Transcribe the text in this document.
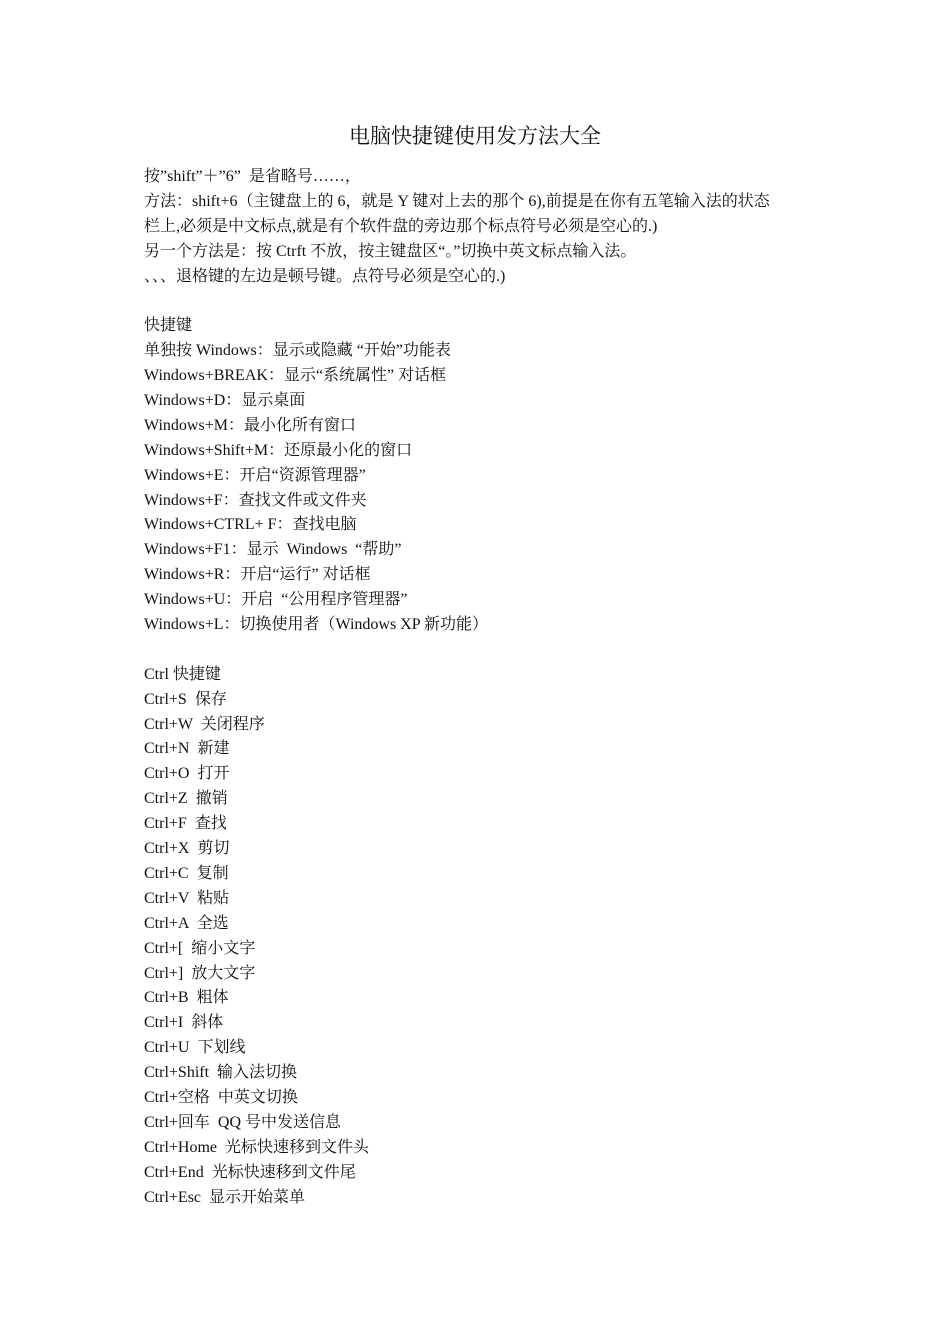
电脑快捷键使用发方法大全
按”shift”＋”6”  是省略号……，
方法：shift+6（主键盘上的 6，就是 Y 键对上去的那个 6),前提是在你有五笔输入法的状态
栏上,必须是中文标点,就是有个软件盘的旁边那个标点符号必须是空心的.)
另一个方法是：按 Ctrft 不放，按主键盘区“。”切换中英文标点输入法。
、、、退格键的左边是顿号键。点符号必须是空心的.)
快捷键
单独按 Windows：显示或隐藏 “开始”功能表
Windows+BREAK：显示“系统属性” 对话框
Windows+D：显示桌面
Windows+M：最小化所有窗口
Windows+Shift+M：还原最小化的窗口
Windows+E：开启“资源管理器”
Windows+F：查找文件或文件夹
Windows+CTRL+ F：查找电脑
Windows+F1：显示  Windows  “帮助”
Windows+R：开启“运行” 对话框
Windows+U：开启  “公用程序管理器”
Windows+L：切换使用者（Windows XP 新功能）
Ctrl 快捷键
Ctrl+S  保存
Ctrl+W  关闭程序
Ctrl+N  新建
Ctrl+O  打开
Ctrl+Z  撤销
Ctrl+F  查找
Ctrl+X  剪切
Ctrl+C  复制
Ctrl+V  粘贴
Ctrl+A  全选
Ctrl+[  缩小文字
Ctrl+]  放大文字
Ctrl+B  粗体
Ctrl+I  斜体
Ctrl+U  下划线
Ctrl+Shift  输入法切换
Ctrl+空格  中英文切换
Ctrl+回车  QQ 号中发送信息
Ctrl+Home  光标快速移到文件头
Ctrl+End  光标快速移到文件尾
Ctrl+Esc  显示开始菜单
